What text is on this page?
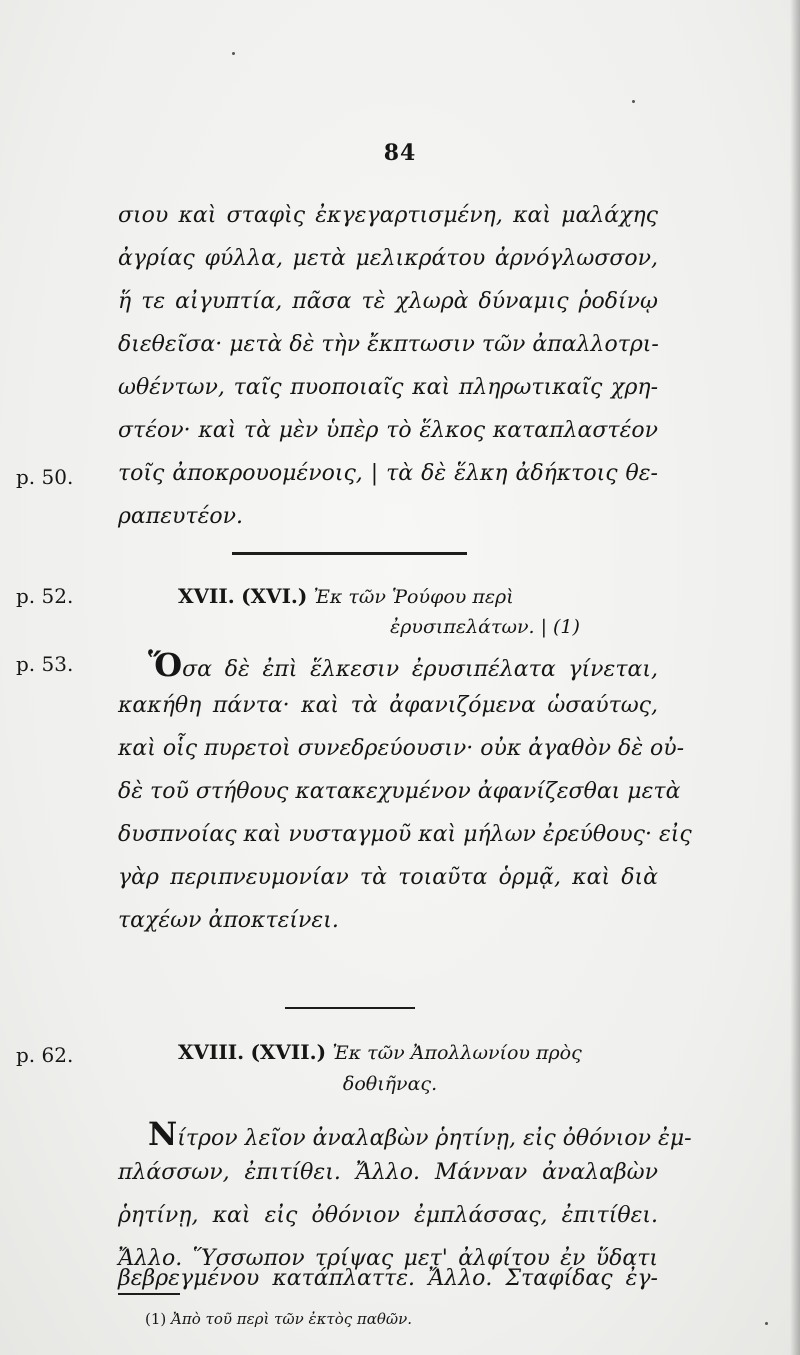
84
σιου καὶ σταφὶς ἐκγεγαρτισμένη, καὶ μαλάχης
ἀγρίας φύλλα, μετὰ μελικράτου ἀρνόγλωσσον,
ἥ τε αἰγυπτία, πᾶσα τὲ χλωρὰ δύναμις ῥοδίνῳ
διεθεῖσα· μετὰ δὲ τὴν ἔκπτωσιν τῶν ἀπαλλοτρι-
ωθέντων, ταῖς πυοποιαῖς καὶ πληρωτικαῖς χρη-
στέον· καὶ τὰ μὲν ὑπὲρ τὸ ἕλκος καταπλαστέον
τοῖς ἀποκρουομένοις, | τὰ δὲ ἕλκη ἀδήκτοις θε-
ραπευτέον.
p. 50.
p. 52.	XVII. (XVI.) Ἐκ τῶν Ῥούφου περὶ
ἐρυσιπελάτων. | (1)
p. 53. Ὅσα δὲ ἐπὶ ἕλκεσιν ἐρυσιπέλατα γίνεται,
κακήθη πάντα· καὶ τὰ ἀφανιζόμενα ὡσαύτως,
καὶ οἷς πυρετοὶ συνεδρεύουσιν· οὐκ ἀγαθὸν δὲ οὐ-
δὲ τοῦ στήθους κατακεχυμένον ἀφανίζεσθαι μετὰ
δυσπνοίας καὶ νυσταγμοῦ καὶ μήλων ἐρεύθους· εἰς
γὰρ περιπνευμονίαν τὰ τοιαῦτα ὁρμᾷ, καὶ διὰ
ταχέων ἀποκτείνει.
p. 62.	XVIII. (XVII.) Ἐκ τῶν Ἀπολλωνίου πρὸς
δοθιῆνας.
Nίτρον λεῖον ἀναλαβὼν ῥητίνῃ, εἰς ὀθόνιον ἐμ-
πλάσσων, ἐπιτίθει. Ἄλλο. Μάνναν ἀναλαβὼν
ῥητίνῃ, καὶ εἰς ὀθόνιον ἐμπλάσσας, ἐπιτίθει.
Ἄλλο. Ὕσσωπον τρίψας μετ' ἀλφίτου ἐν ὕδατι
βεβρεγμένου κατάπλαττε. Ἄλλο. Σταφίδας ἐγ-
(1) Ἀπὸ τοῦ περὶ τῶν ἐκτὸς παθῶν.
